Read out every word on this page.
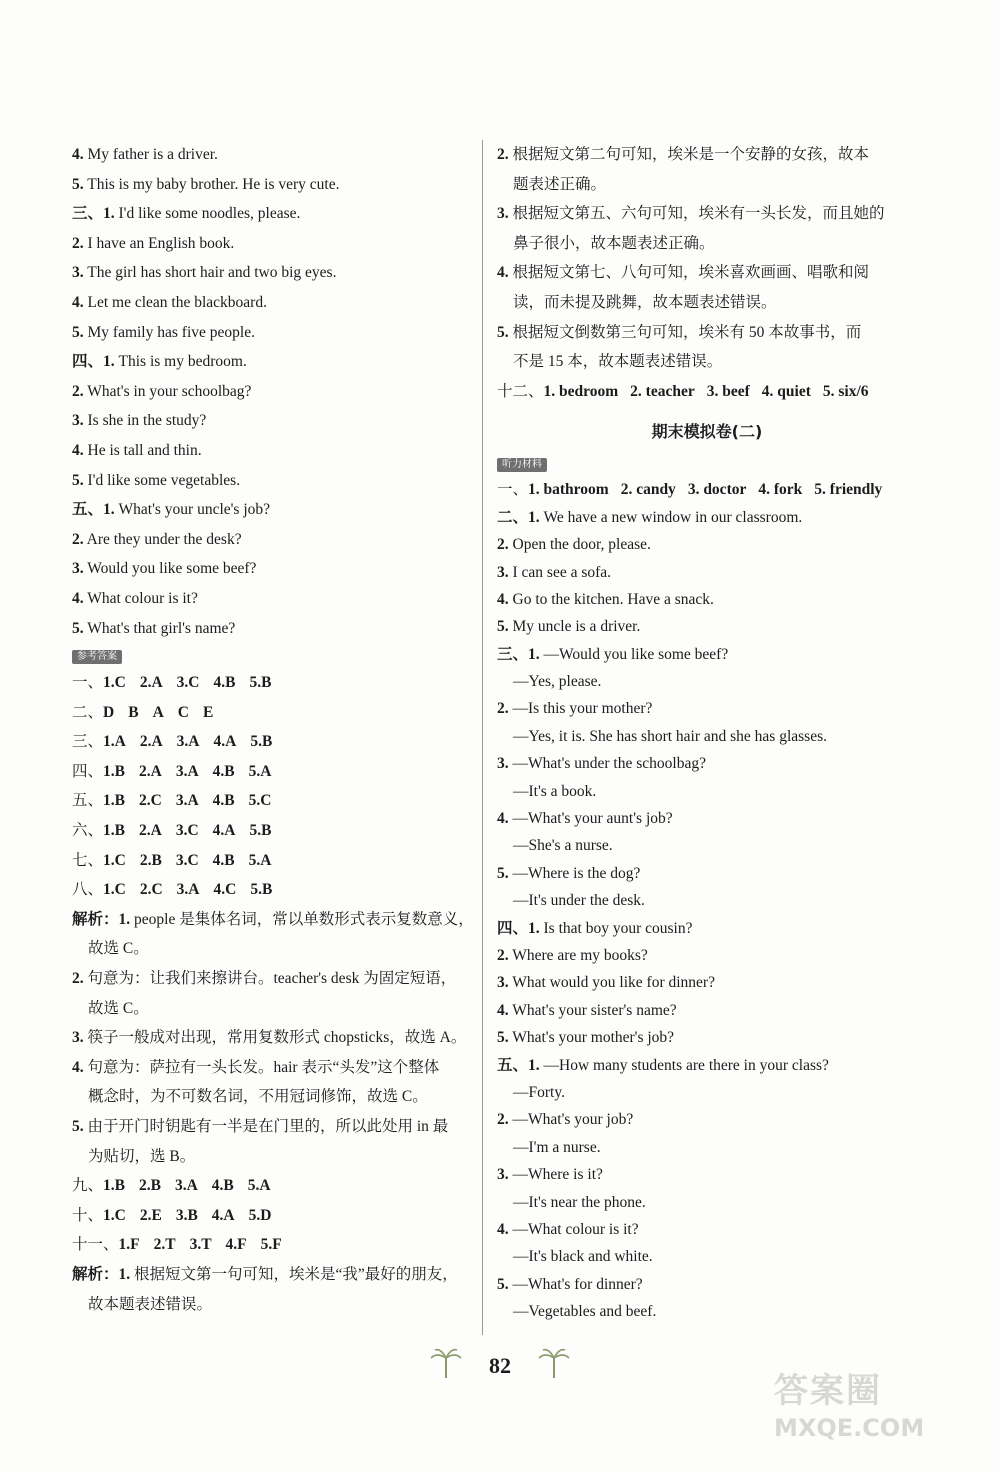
4. My father is a driver.
5. This is my baby brother. He is very cute.
三、1. I'd like some noodles, please.
2. I have an English book.
3. The girl has short hair and two big eyes.
4. Let me clean the blackboard.
5. My family has five people.
四、1. This is my bedroom.
2. What's in your schoolbag?
3. Is she in the study?
4. He is tall and thin.
5. I'd like some vegetables.
五、1. What's your uncle's job?
2. Are they under the desk?
3. Would you like some beef?
4. What colour is it?
5. What's that girl's name?
参考答案
一、1.C 2.A 3.C 4.B 5.B
二、D B A C E
三、1.A 2.A 3.A 4.A 5.B
四、1.B 2.A 3.A 4.B 5.A
五、1.B 2.C 3.A 4.B 5.C
六、1.B 2.A 3.C 4.A 5.B
七、1.C 2.B 3.C 4.B 5.A
八、1.C 2.C 3.A 4.C 5.B
解析：1. people 是集体名词，常以单数形式表示复数意义，
故选 C。
2. 句意为：让我们来擦讲台。teacher's desk 为固定短语，
故选 C。
3. 筷子一般成对出现，常用复数形式 chopsticks，故选 A。
4. 句意为：萨拉有一头长发。hair 表示“头发”这个整体
概念时，为不可数名词，不用冠词修饰，故选 C。
5. 由于开门时钥匙有一半是在门里的，所以此处用 in 最
为贴切，选 B。
九、1.B 2.B 3.A 4.B 5.A
十、1.C 2.E 3.B 4.A 5.D
十一、1.F 2.T 3.T 4.F 5.F
解析：1. 根据短文第一句可知，埃米是“我”最好的朋友，
故本题表述错误。
2. 根据短文第二句可知，埃米是一个安静的女孩，故本
题表述正确。
3. 根据短文第五、六句可知，埃米有一头长发，而且她的
鼻子很小，故本题表述正确。
4. 根据短文第七、八句可知，埃米喜欢画画、唱歌和阅
读，而未提及跳舞，故本题表述错误。
5. 根据短文倒数第三句可知，埃米有 50 本故事书，而
不是 15 本，故本题表述错误。
十二、1. bedroom 2. teacher 3. beef 4. quiet 5. six/6
期末模拟卷(二)
听力材料
一、1. bathroom 2. candy 3. doctor 4. fork 5. friendly
二、1. We have a new window in our classroom.
2. Open the door, please.
3. I can see a sofa.
4. Go to the kitchen. Have a snack.
5. My uncle is a driver.
三、1. —Would you like some beef?
—Yes, please.
2. —Is this your mother?
—Yes, it is. She has short hair and she has glasses.
3. —What's under the schoolbag?
—It's a book.
4. —What's your aunt's job?
—She's a nurse.
5. —Where is the dog?
—It's under the desk.
四、1. Is that boy your cousin?
2. Where are my books?
3. What would you like for dinner?
4. What's your sister's name?
5. What's your mother's job?
五、1. —How many students are there in your class?
—Forty.
2. —What's your job?
—I'm a nurse.
3. —Where is it?
—It's near the phone.
4. —What colour is it?
—It's black and white.
5. —What's for dinner?
—Vegetables and beef.
82
答案圈
MXQE.COM
